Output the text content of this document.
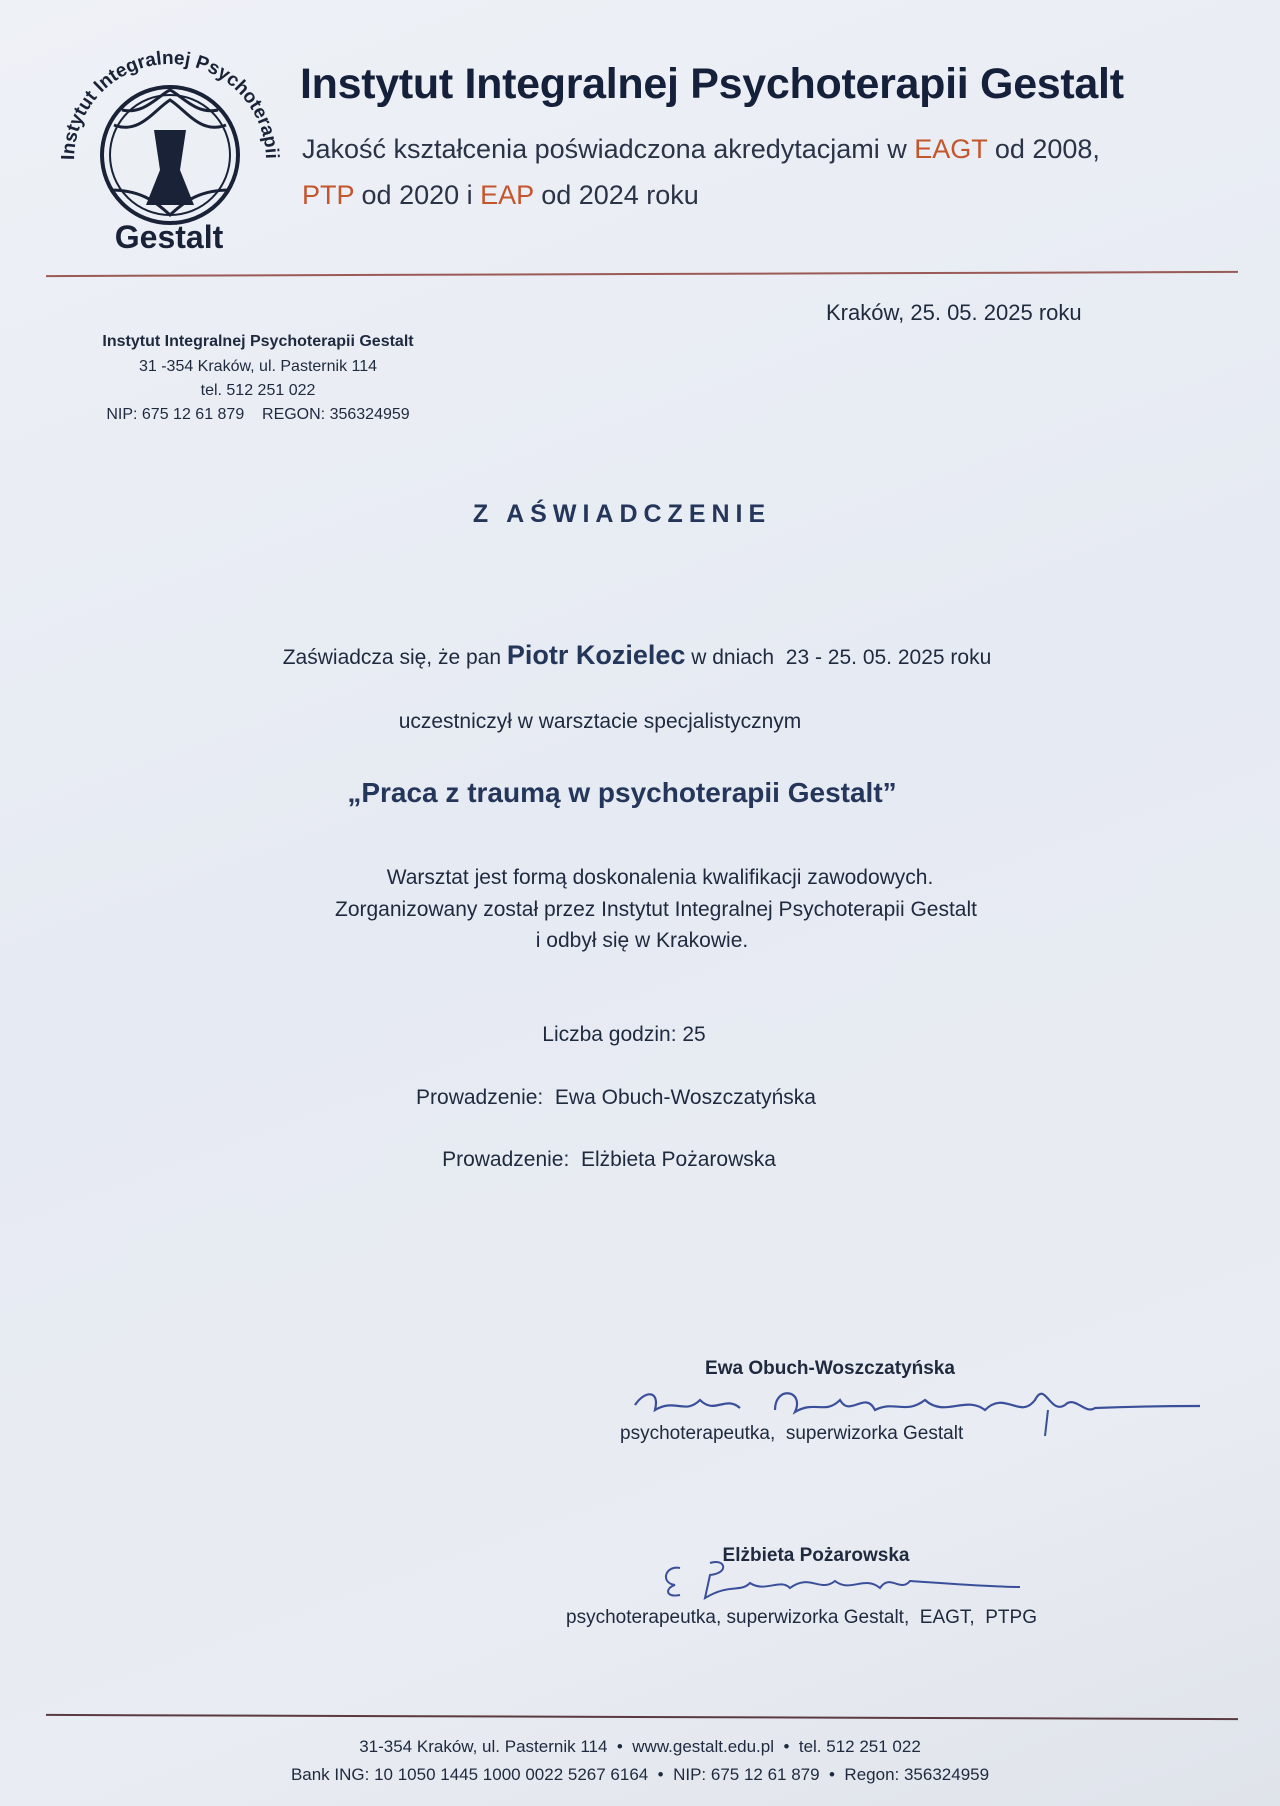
Instytut Integralnej Psychoterapii
Gestalt
Instytut Integralnej Psychoterapii Gestalt
Jakość kształcenia poświadczona akredytacjami w EAGT od 2008,
PTP od 2020 i EAP od 2024 roku
Kraków, 25. 05. 2025 roku
Instytut Integralnej Psychoterapii Gestalt
31 -354 Kraków, ul. Pasternik 114
tel. 512 251 022
NIP: 675 12 61 879    REGON: 356324959
Z AŚWIADCZENIE
Zaświadcza się, że pan Piotr Kozielec w dniach  23 - 25. 05. 2025 roku
uczestniczył w warsztacie specjalistycznym
„Praca z traumą w psychoterapii Gestalt”
Warsztat jest formą doskonalenia kwalifikacji zawodowych.
Zorganizowany został przez Instytut Integralnej Psychoterapii Gestalt
i odbył się w Krakowie.
Liczba godzin: 25
Prowadzenie:  Ewa Obuch-Woszczatyńska
Prowadzenie:  Elżbieta Pożarowska
Ewa Obuch-Woszczatyńska
psychoterapeutka,  superwizorka Gestalt
Elżbieta Pożarowska
psychoterapeutka, superwizorka Gestalt,  EAGT,  PTPG
31-354 Kraków, ul. Pasternik 114  •  www.gestalt.edu.pl  •  tel. 512 251 022
Bank ING: 10 1050 1445 1000 0022 5267 6164  •  NIP: 675 12 61 879  •  Regon: 356324959
